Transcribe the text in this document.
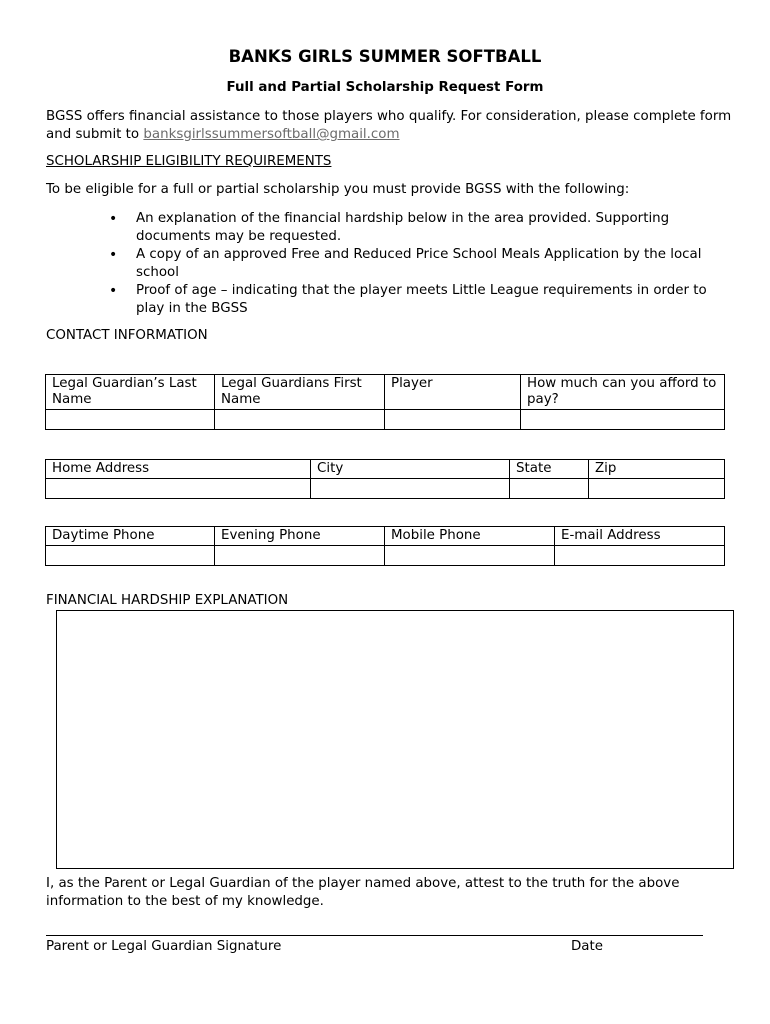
BANKS GIRLS SUMMER SOFTBALL
Full and Partial Scholarship Request Form
BGSS offers financial assistance to those players who qualify. For consideration, please complete form and submit to banksgirlssummersoftball@gmail.com
SCHOLARSHIP ELIGIBILITY REQUIREMENTS
To be eligible for a full or partial scholarship you must provide BGSS with the following:
• An explanation of the financial hardship below in the area provided. Supporting documents may be requested.
• A copy of an approved Free and Reduced Price School Meals Application by the local school
• Proof of age – indicating that the player meets Little League requirements in order to play in the BGSS
CONTACT INFORMATION
Legal Guardian’s Last Name	Legal Guardians First Name	Player	How much can you afford to pay?

Home Address	City	State	Zip

Daytime Phone	Evening Phone	Mobile Phone	E-mail Address

FINANCIAL HARDSHIP EXPLANATION
I, as the Parent or Legal Guardian of the player named above, attest to the truth for the above information to the best of my knowledge.
Parent or Legal Guardian Signature	Date
